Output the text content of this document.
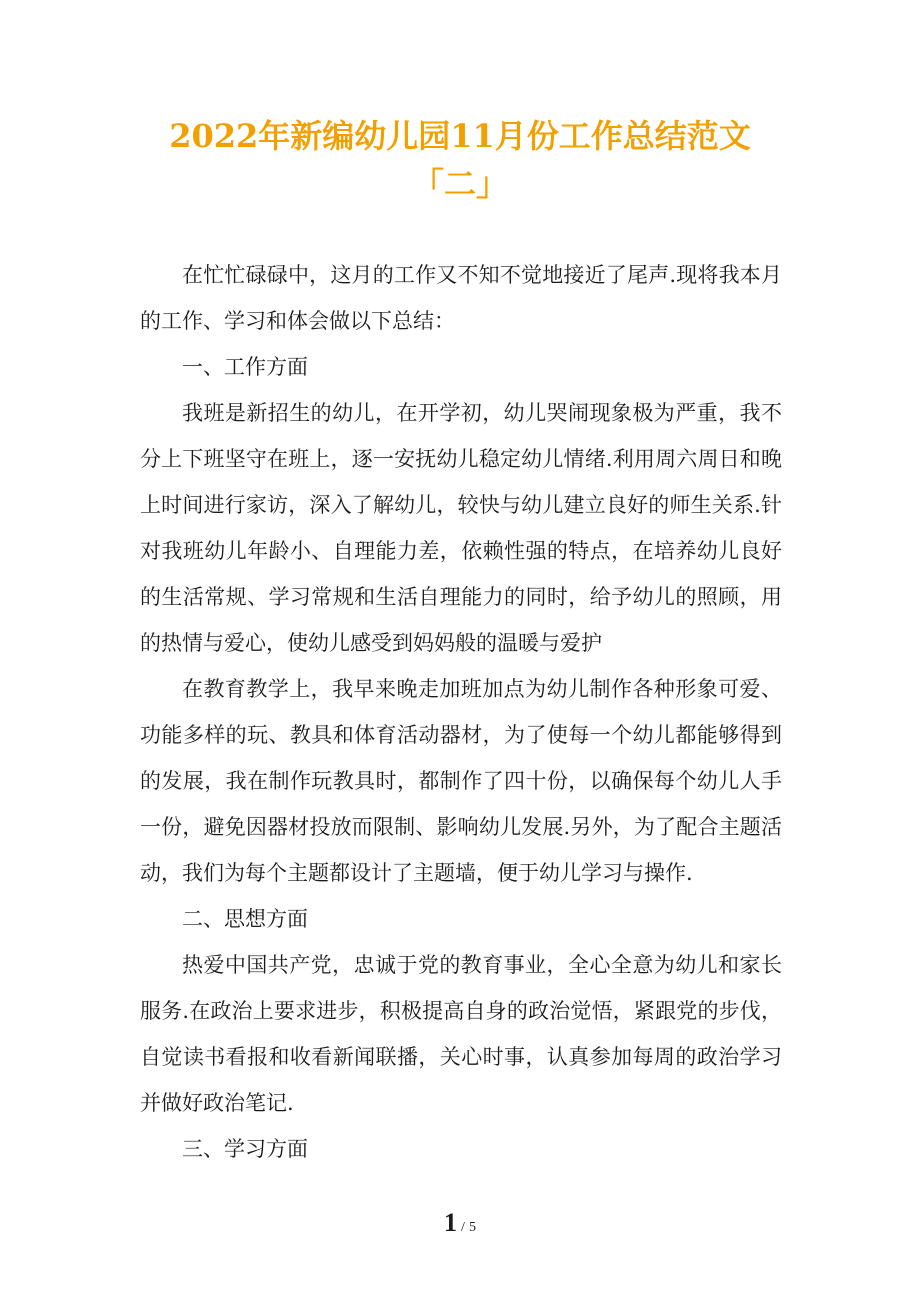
2022年新编幼儿园11月份工作总结范文「二」

在忙忙碌碌中，这月的工作又不知不觉地接近了尾声.现将我本月的工作、学习和体会做以下总结：

一、工作方面

我班是新招生的幼儿，在开学初，幼儿哭闹现象极为严重，我不分上下班坚守在班上，逐一安抚幼儿稳定幼儿情绪.利用周六周日和晚上时间进行家访，深入了解幼儿，较快与幼儿建立良好的师生关系.针对我班幼儿年龄小、自理能力差，依赖性强的特点，在培养幼儿良好的生活常规、学习常规和生活自理能力的同时，给予幼儿的照顾，用的热情与爱心，使幼儿感受到妈妈般的温暖与爱护

在教育教学上，我早来晚走加班加点为幼儿制作各种形象可爱、功能多样的玩、教具和体育活动器材，为了使每一个幼儿都能够得到的发展，我在制作玩教具时，都制作了四十份，以确保每个幼儿人手一份，避免因器材投放而限制、影响幼儿发展.另外，为了配合主题活动，我们为每个主题都设计了主题墙，便于幼儿学习与操作.

二、思想方面

热爱中国共产党，忠诚于党的教育事业，全心全意为幼儿和家长服务.在政治上要求进步，积极提高自身的政治觉悟，紧跟党的步伐，自觉读书看报和收看新闻联播，关心时事，认真参加每周的政治学习并做好政治笔记.

三、学习方面

1 / 5
